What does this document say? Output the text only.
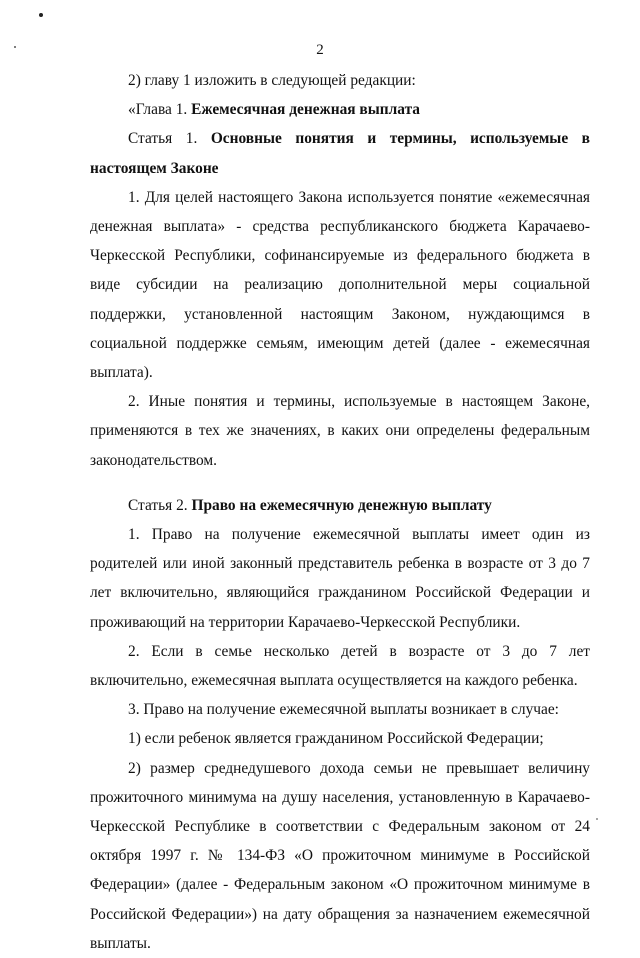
2

2) главу 1 изложить в следующей редакции:

«Глава 1. Ежемесячная денежная выплата

Статья 1. Основные понятия и термины, используемые в настоящем Законе

1. Для целей настоящего Закона используется понятие «ежемесячная денежная выплата» - средства республиканского бюджета Карачаево-Черкесской Республики, софинансируемые из федерального бюджета в виде субсидии на реализацию дополнительной меры социальной поддержки, установленной настоящим Законом, нуждающимся в социальной поддержке семьям, имеющим детей (далее - ежемесячная выплата).

2. Иные понятия и термины, используемые в настоящем Законе, применяются в тех же значениях, в каких они определены федеральным законодательством.

Статья 2. Право на ежемесячную денежную выплату

1. Право на получение ежемесячной выплаты имеет один из родителей или иной законный представитель ребенка в возрасте от 3 до 7 лет включительно, являющийся гражданином Российской Федерации и проживающий на территории Карачаево-Черкесской Республики.

2. Если в семье несколько детей в возрасте от 3 до 7 лет включительно, ежемесячная выплата осуществляется на каждого ребенка.

3. Право на получение ежемесячной выплаты возникает в случае:

1) если ребенок является гражданином Российской Федерации;

2) размер среднедушевого дохода семьи не превышает величину прожиточного минимума на душу населения, установленную в Карачаево-Черкесской Республике в соответствии с Федеральным законом от 24 октября 1997 г. № 134-ФЗ «О прожиточном минимуме в Российской Федерации» (далее - Федеральным законом «О прожиточном минимуме в Российской Федерации») на дату обращения за назначением ежемесячной выплаты.
